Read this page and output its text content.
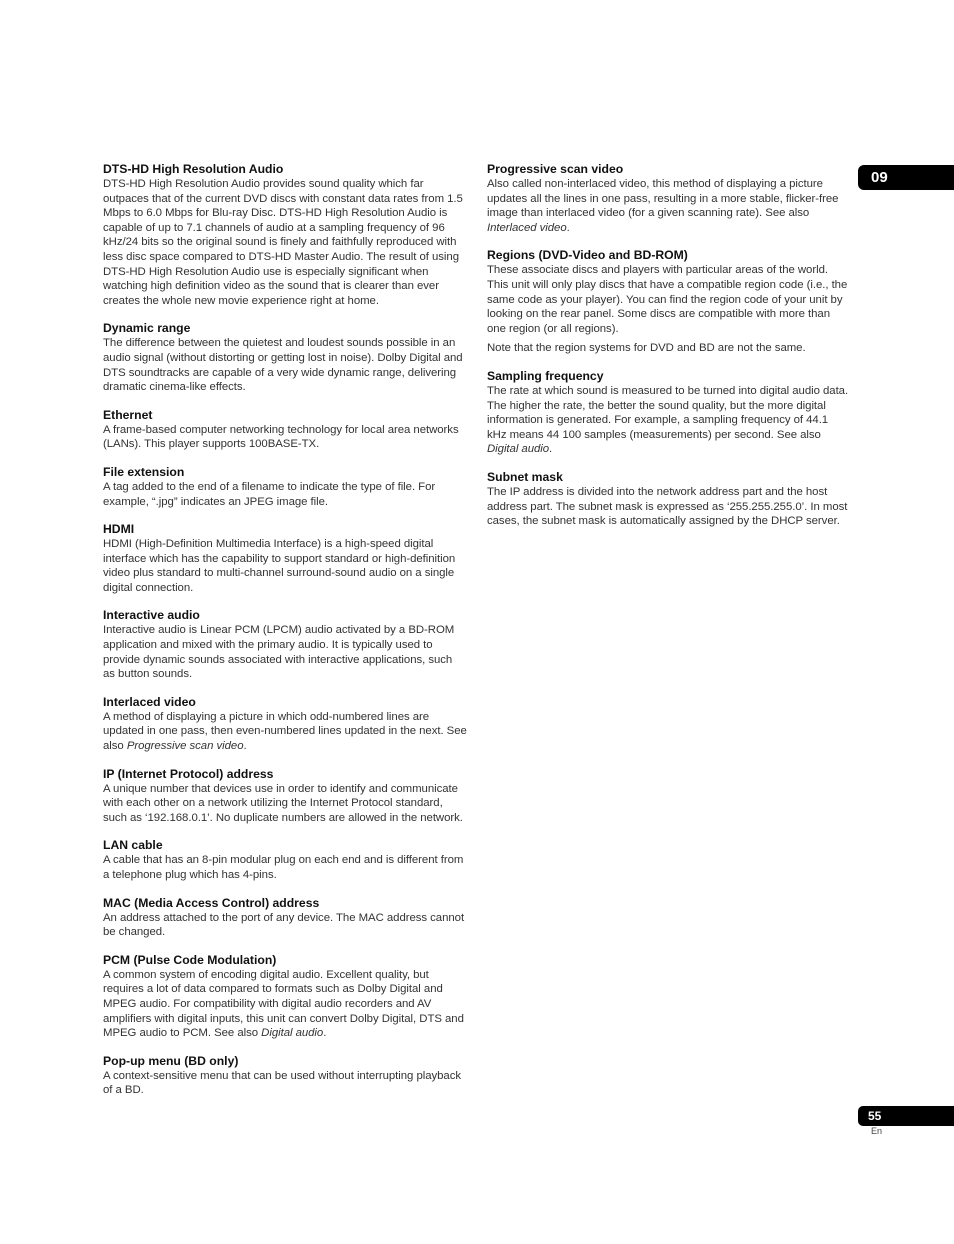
09
DTS-HD High Resolution Audio

DTS-HD High Resolution Audio provides sound quality which far outpaces that of the current DVD discs with constant data rates from 1.5 Mbps to 6.0 Mbps for Blu-ray Disc. DTS-HD High Resolution Audio is capable of up to 7.1 channels of audio at a sampling frequency of 96 kHz/24 bits so the original sound is finely and faithfully reproduced with less disc space compared to DTS-HD Master Audio. The result of using DTS-HD High Resolution Audio use is especially significant when watching high definition video as the sound that is clearer than ever creates the whole new movie experience right at home.

Dynamic range

The difference between the quietest and loudest sounds possible in an audio signal (without distorting or getting lost in noise). Dolby Digital and DTS soundtracks are capable of a very wide dynamic range, delivering dramatic cinema-like effects.

Ethernet

A frame-based computer networking technology for local area networks (LANs). This player supports 100BASE-TX.

File extension

A tag added to the end of a filename to indicate the type of file. For example, “.jpg” indicates an JPEG image file.

HDMI

HDMI (High-Definition Multimedia Interface) is a high-speed digital interface which has the capability to support standard or high-definition video plus standard to multi-channel surround-sound audio on a single digital connection.

Interactive audio

Interactive audio is Linear PCM (LPCM) audio activated by a BD-ROM application and mixed with the primary audio. It is typically used to provide dynamic sounds associated with interactive applications, such as button sounds.

Interlaced video

A method of displaying a picture in which odd-numbered lines are updated in one pass, then even-numbered lines updated in the next. See also Progressive scan video.

IP (Internet Protocol) address

A unique number that devices use in order to identify and communicate with each other on a network utilizing the Internet Protocol standard, such as ‘192.168.0.1’. No duplicate numbers are allowed in the network.

LAN cable

A cable that has an 8-pin modular plug on each end and is different from a telephone plug which has 4-pins.

MAC (Media Access Control) address

An address attached to the port of any device. The MAC address cannot be changed.

PCM (Pulse Code Modulation)

A common system of encoding digital audio. Excellent quality, but requires a lot of data compared to formats such as Dolby Digital and MPEG audio. For compatibility with digital audio recorders and AV amplifiers with digital inputs, this unit can convert Dolby Digital, DTS and MPEG audio to PCM. See also Digital audio.

Pop-up menu (BD only)

A context-sensitive menu that can be used without interrupting playback of a BD.

Progressive scan video

Also called non-interlaced video, this method of displaying a picture updates all the lines in one pass, resulting in a more stable, flicker-free image than interlaced video (for a given scanning rate). See also Interlaced video.

Regions (DVD-Video and BD-ROM)

These associate discs and players with particular areas of the world. This unit will only play discs that have a compatible region code (i.e., the same code as your player). You can find the region code of your unit by looking on the rear panel. Some discs are compatible with more than one region (or all regions).

Note that the region systems for DVD and BD are not the same.

Sampling frequency

The rate at which sound is measured to be turned into digital audio data. The higher the rate, the better the sound quality, but the more digital information is generated. For example, a sampling frequency of 44.1 kHz means 44 100 samples (measurements) per second. See also Digital audio.

Subnet mask

The IP address is divided into the network address part and the host address part. The subnet mask is expressed as ‘255.255.255.0’. In most cases, the subnet mask is automatically assigned by the DHCP server.

55
En
